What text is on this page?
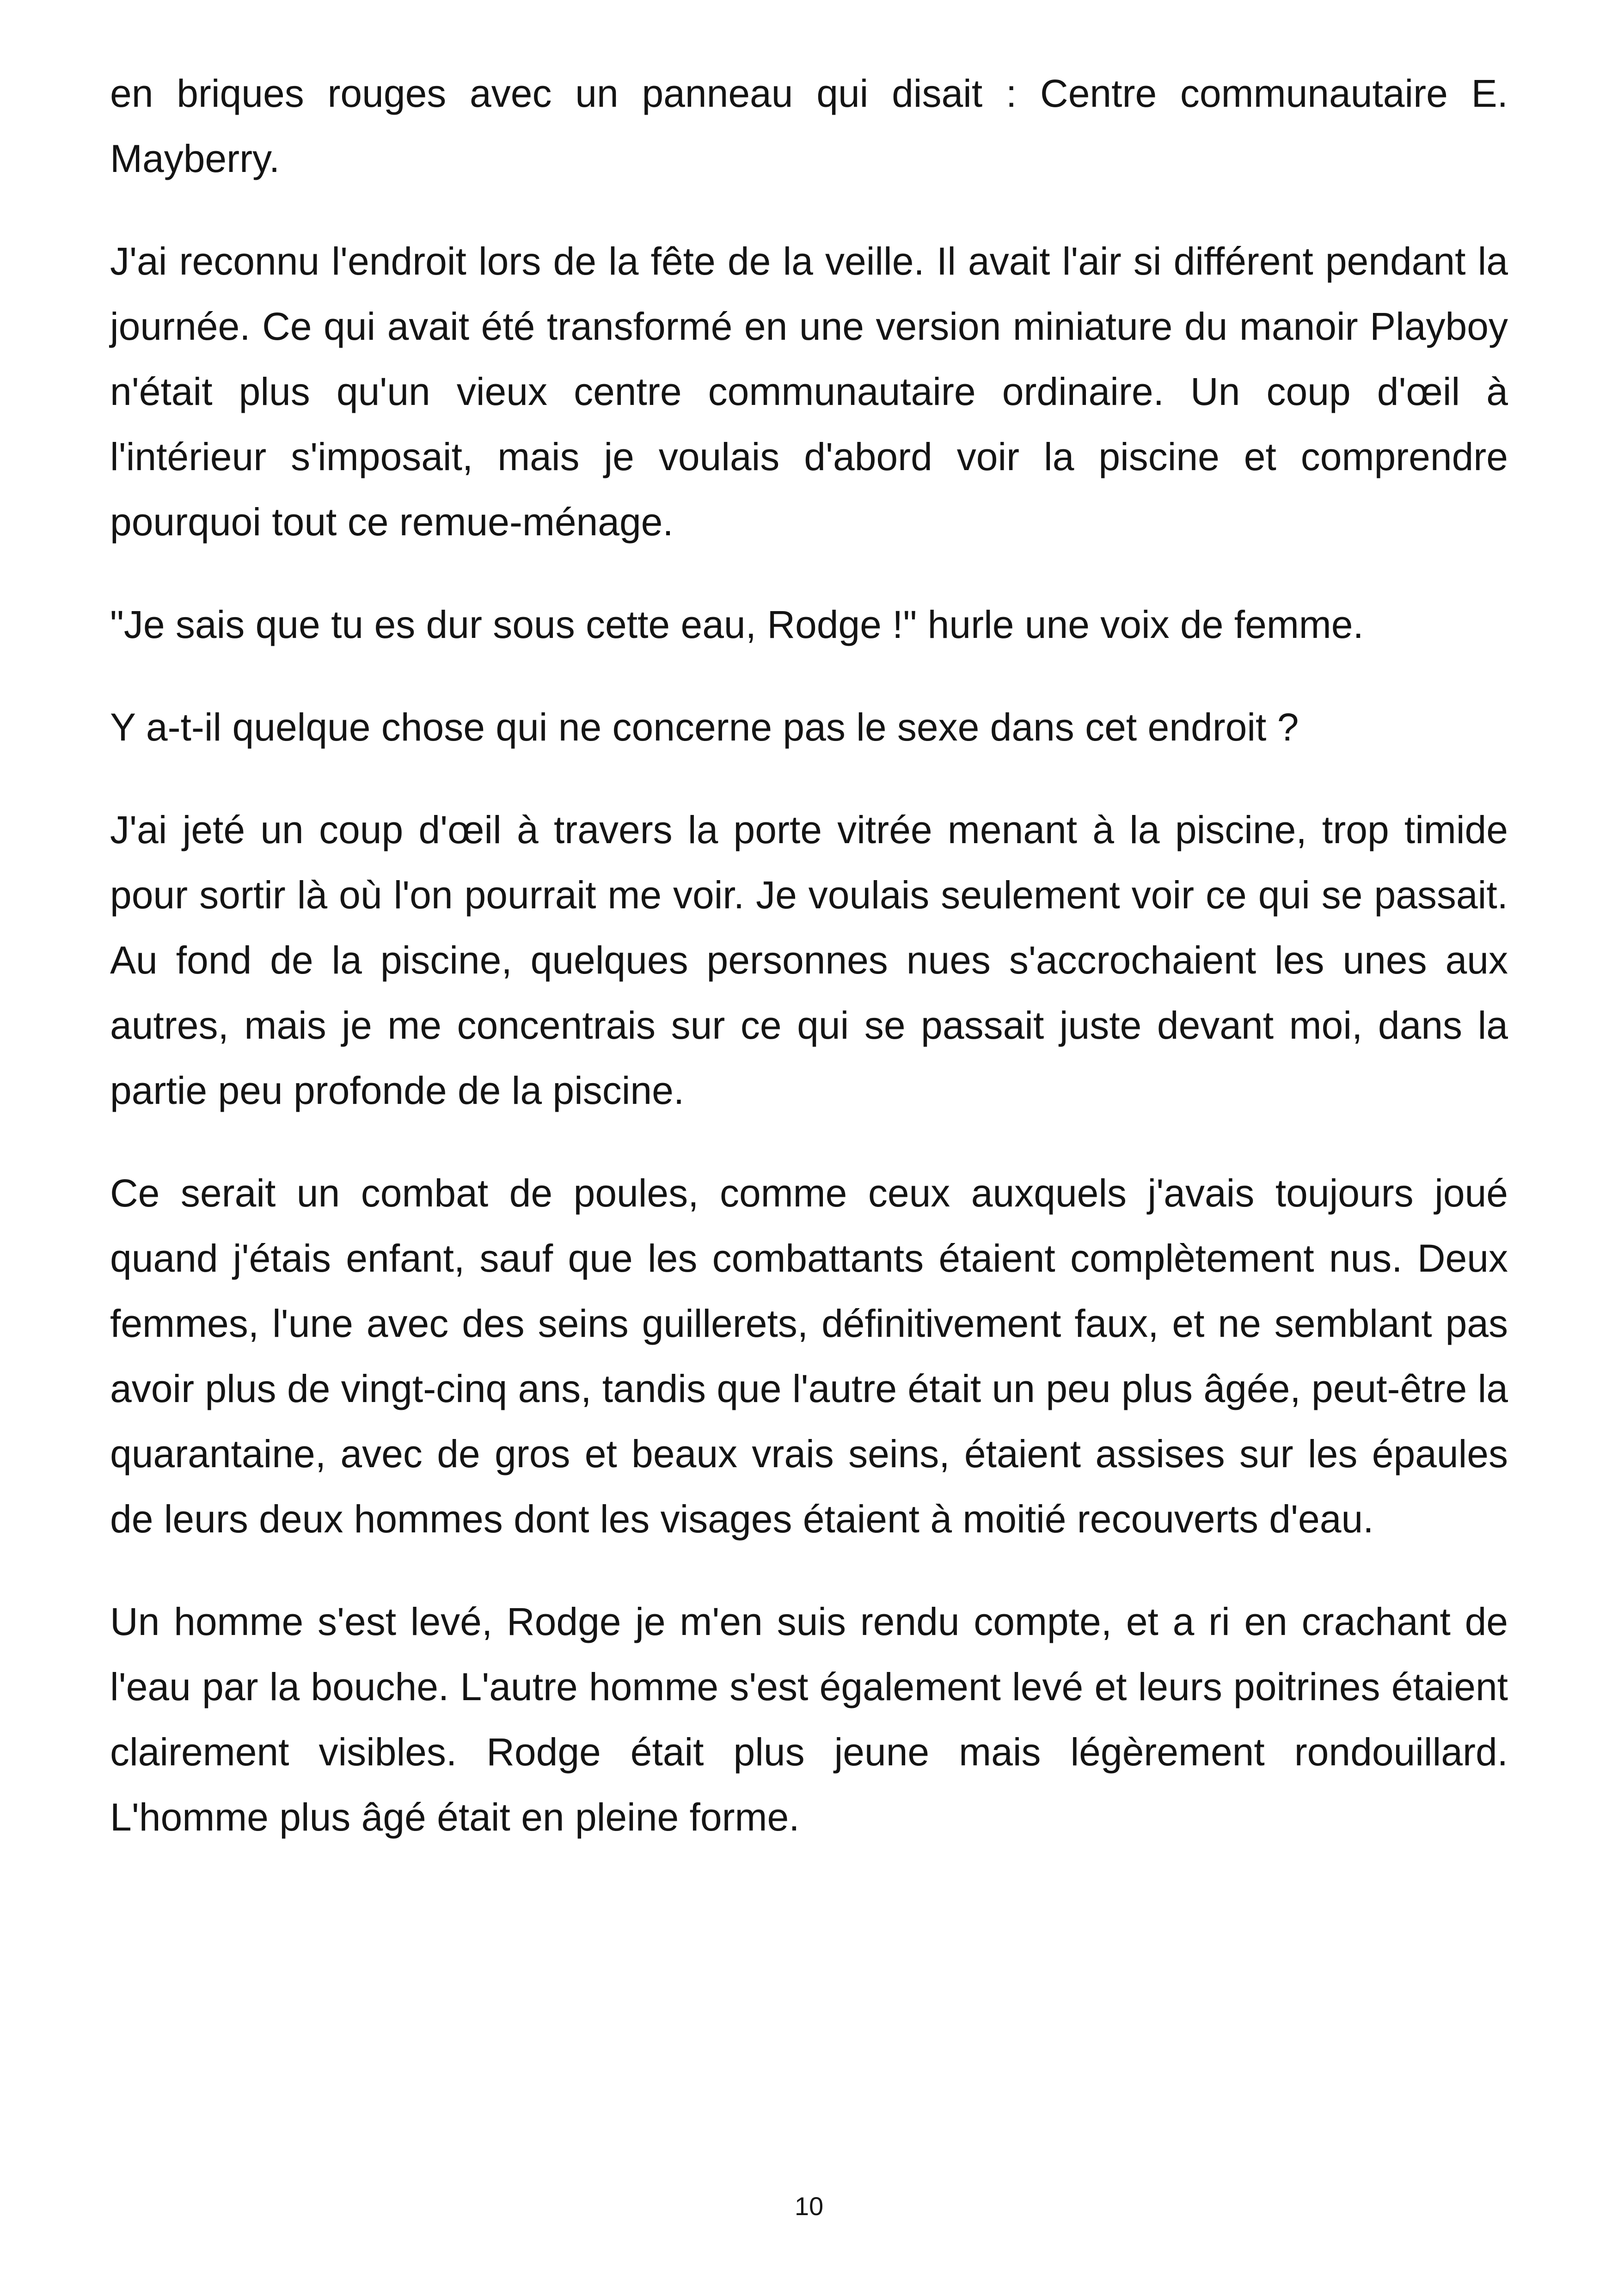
en briques rouges avec un panneau qui disait : Centre communautaire E. Mayberry.

J'ai reconnu l'endroit lors de la fête de la veille. Il avait l'air si différent pendant la journée. Ce qui avait été transformé en une version miniature du manoir Playboy n'était plus qu'un vieux centre communautaire ordinaire. Un coup d'œil à l'intérieur s'imposait, mais je voulais d'abord voir la piscine et comprendre pourquoi tout ce remue-ménage.

"Je sais que tu es dur sous cette eau, Rodge !" hurle une voix de femme.

Y a-t-il quelque chose qui ne concerne pas le sexe dans cet endroit ?

J'ai jeté un coup d'œil à travers la porte vitrée menant à la piscine, trop timide pour sortir là où l'on pourrait me voir. Je voulais seulement voir ce qui se passait. Au fond de la piscine, quelques personnes nues s'accrochaient les unes aux autres, mais je me concentrais sur ce qui se passait juste devant moi, dans la partie peu profonde de la piscine.

Ce serait un combat de poules, comme ceux auxquels j'avais toujours joué quand j'étais enfant, sauf que les combattants étaient complètement nus. Deux femmes, l'une avec des seins guillerets, définitivement faux, et ne semblant pas avoir plus de vingt-cinq ans, tandis que l'autre était un peu plus âgée, peut-être la quarantaine, avec de gros et beaux vrais seins, étaient assises sur les épaules de leurs deux hommes dont les visages étaient à moitié recouverts d'eau.

Un homme s'est levé, Rodge je m'en suis rendu compte, et a ri en crachant de l'eau par la bouche. L'autre homme s'est également levé et leurs poitrines étaient clairement visibles. Rodge était plus jeune mais légèrement rondouillard. L'homme plus âgé était en pleine forme.

10
